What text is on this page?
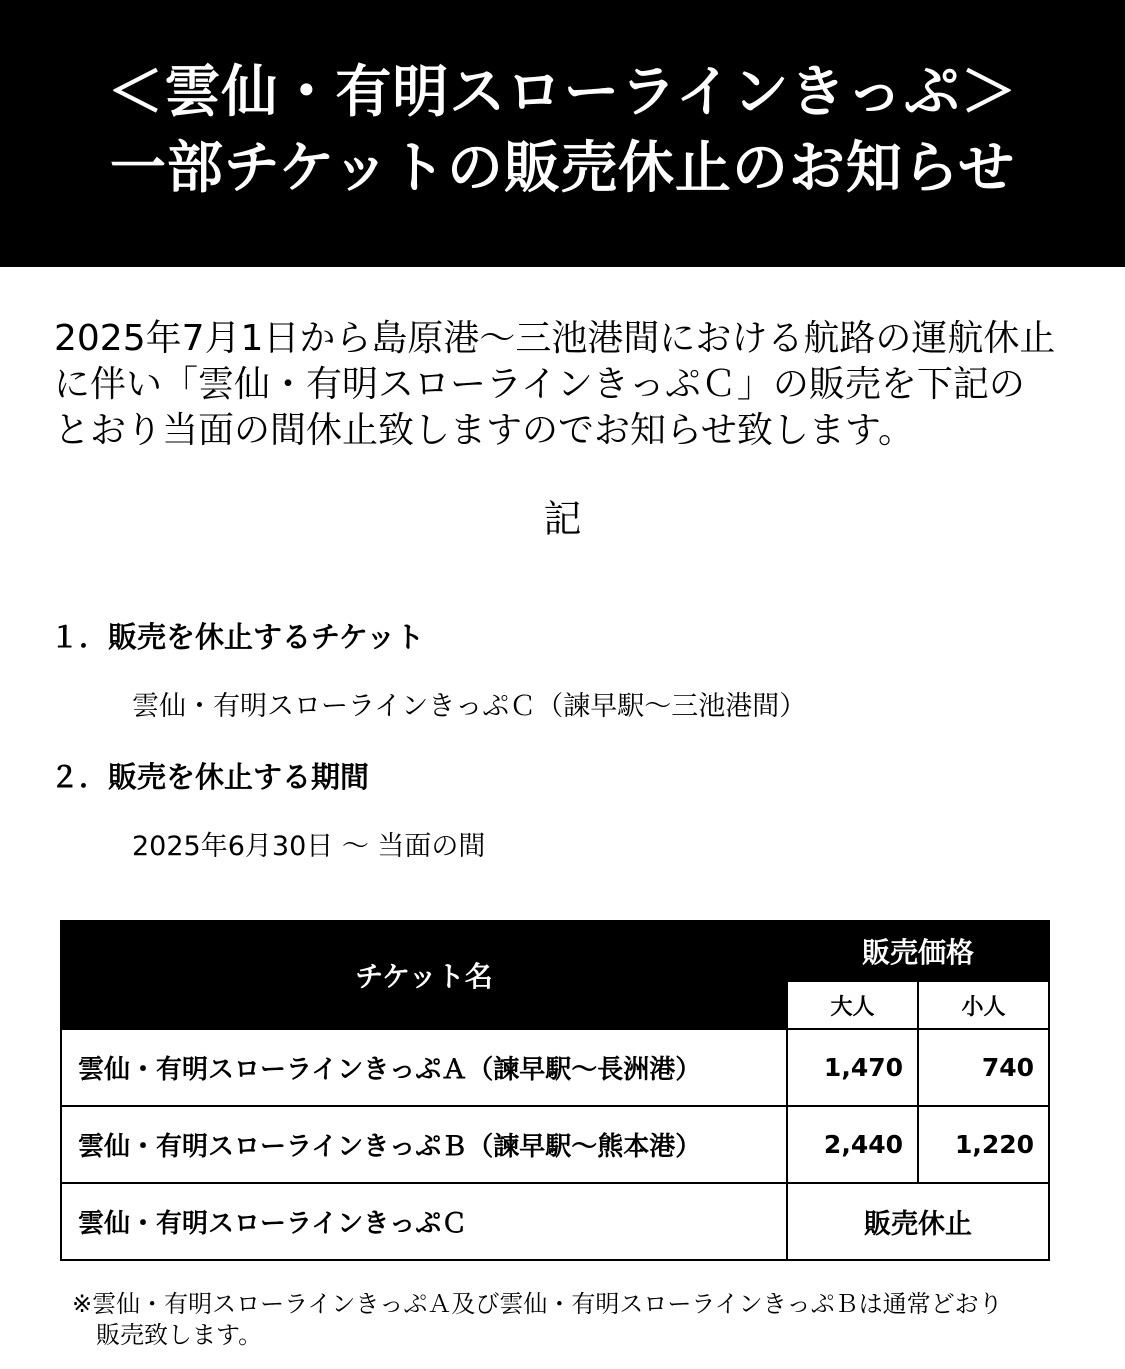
＜雲仙・有明スローラインきっぷ＞
一部チケットの販売休止のお知らせ
2025年7月1日から島原港～三池港間における航路の運航休止
に伴い「雲仙・有明スローラインきっぷＣ」の販売を下記の
とおり当面の間休止致しますのでお知らせ致します。
記
１．販売を休止するチケット
雲仙・有明スローラインきっぷＣ（諫早駅～三池港間）
２．販売を休止する期間
2025年6月30日 ～ 当面の間
チケット名	販売価格	
	大人	小人
雲仙・有明スローラインきっぷＡ（諫早駅～長洲港）	1,470	740
雲仙・有明スローラインきっぷＢ（諫早駅～熊本港）	2,440	1,220
雲仙・有明スローラインきっぷＣ	販売休止	
※雲仙・有明スローラインきっぷＡ及び雲仙・有明スローラインきっぷＢは通常どおり
販売致します。
